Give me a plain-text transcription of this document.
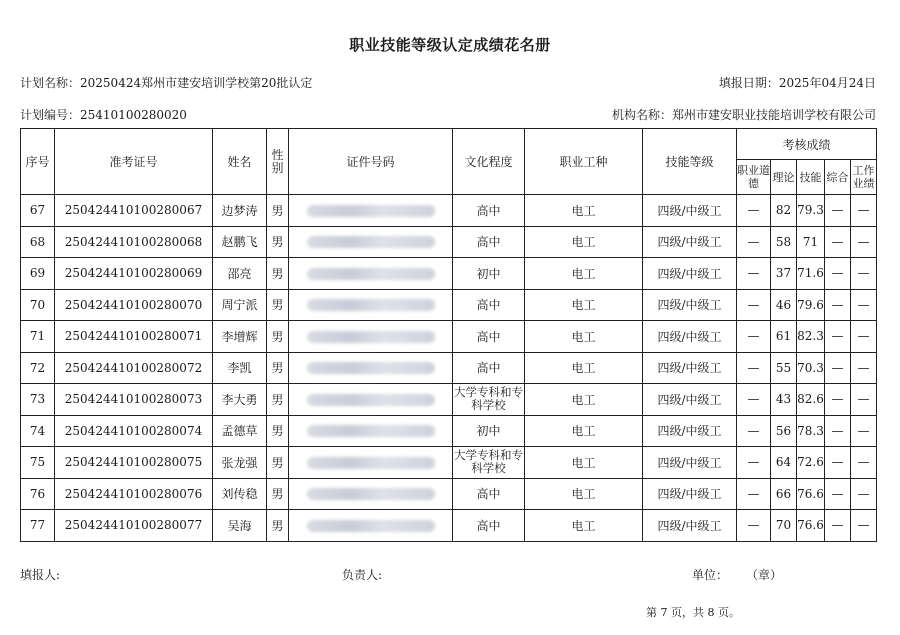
职业技能等级认定成绩花名册
计划名称：20250424郑州市建安培训学校第20批认定	填报日期：2025年04月24日
计划编号：25410100280020	机构名称：郑州市建安职业技能培训学校有限公司
序号	准考证号	姓名	性别	证件号码	文化程度	职业工种	技能等级	考核成绩				
								职业道德	理论	技能	综合	工作业绩
67	250424410100280067	边梦涛	男		高中	电工	四级/中级工	—	82	79.3	—	—
68	250424410100280068	赵鹏飞	男		高中	电工	四级/中级工	—	58	71	—	—
69	250424410100280069	邵亮	男		初中	电工	四级/中级工	—	37	71.6	—	—
70	250424410100280070	周宁派	男		高中	电工	四级/中级工	—	46	79.6	—	—
71	250424410100280071	李增辉	男		高中	电工	四级/中级工	—	61	82.3	—	—
72	250424410100280072	李凯	男		高中	电工	四级/中级工	—	55	70.3	—	—
73	250424410100280073	李大勇	男		大学专科和专科学校	电工	四级/中级工	—	43	82.6	—	—
74	250424410100280074	孟德草	男		初中	电工	四级/中级工	—	56	78.3	—	—
75	250424410100280075	张龙强	男		大学专科和专科学校	电工	四级/中级工	—	64	72.6	—	—
76	250424410100280076	刘传稳	男		高中	电工	四级/中级工	—	66	76.6	—	—
77	250424410100280077	吴海	男		高中	电工	四级/中级工	—	70	76.6	—	—
填报人:	负责人:	单位： （章）
第 7 页，共 8 页。
